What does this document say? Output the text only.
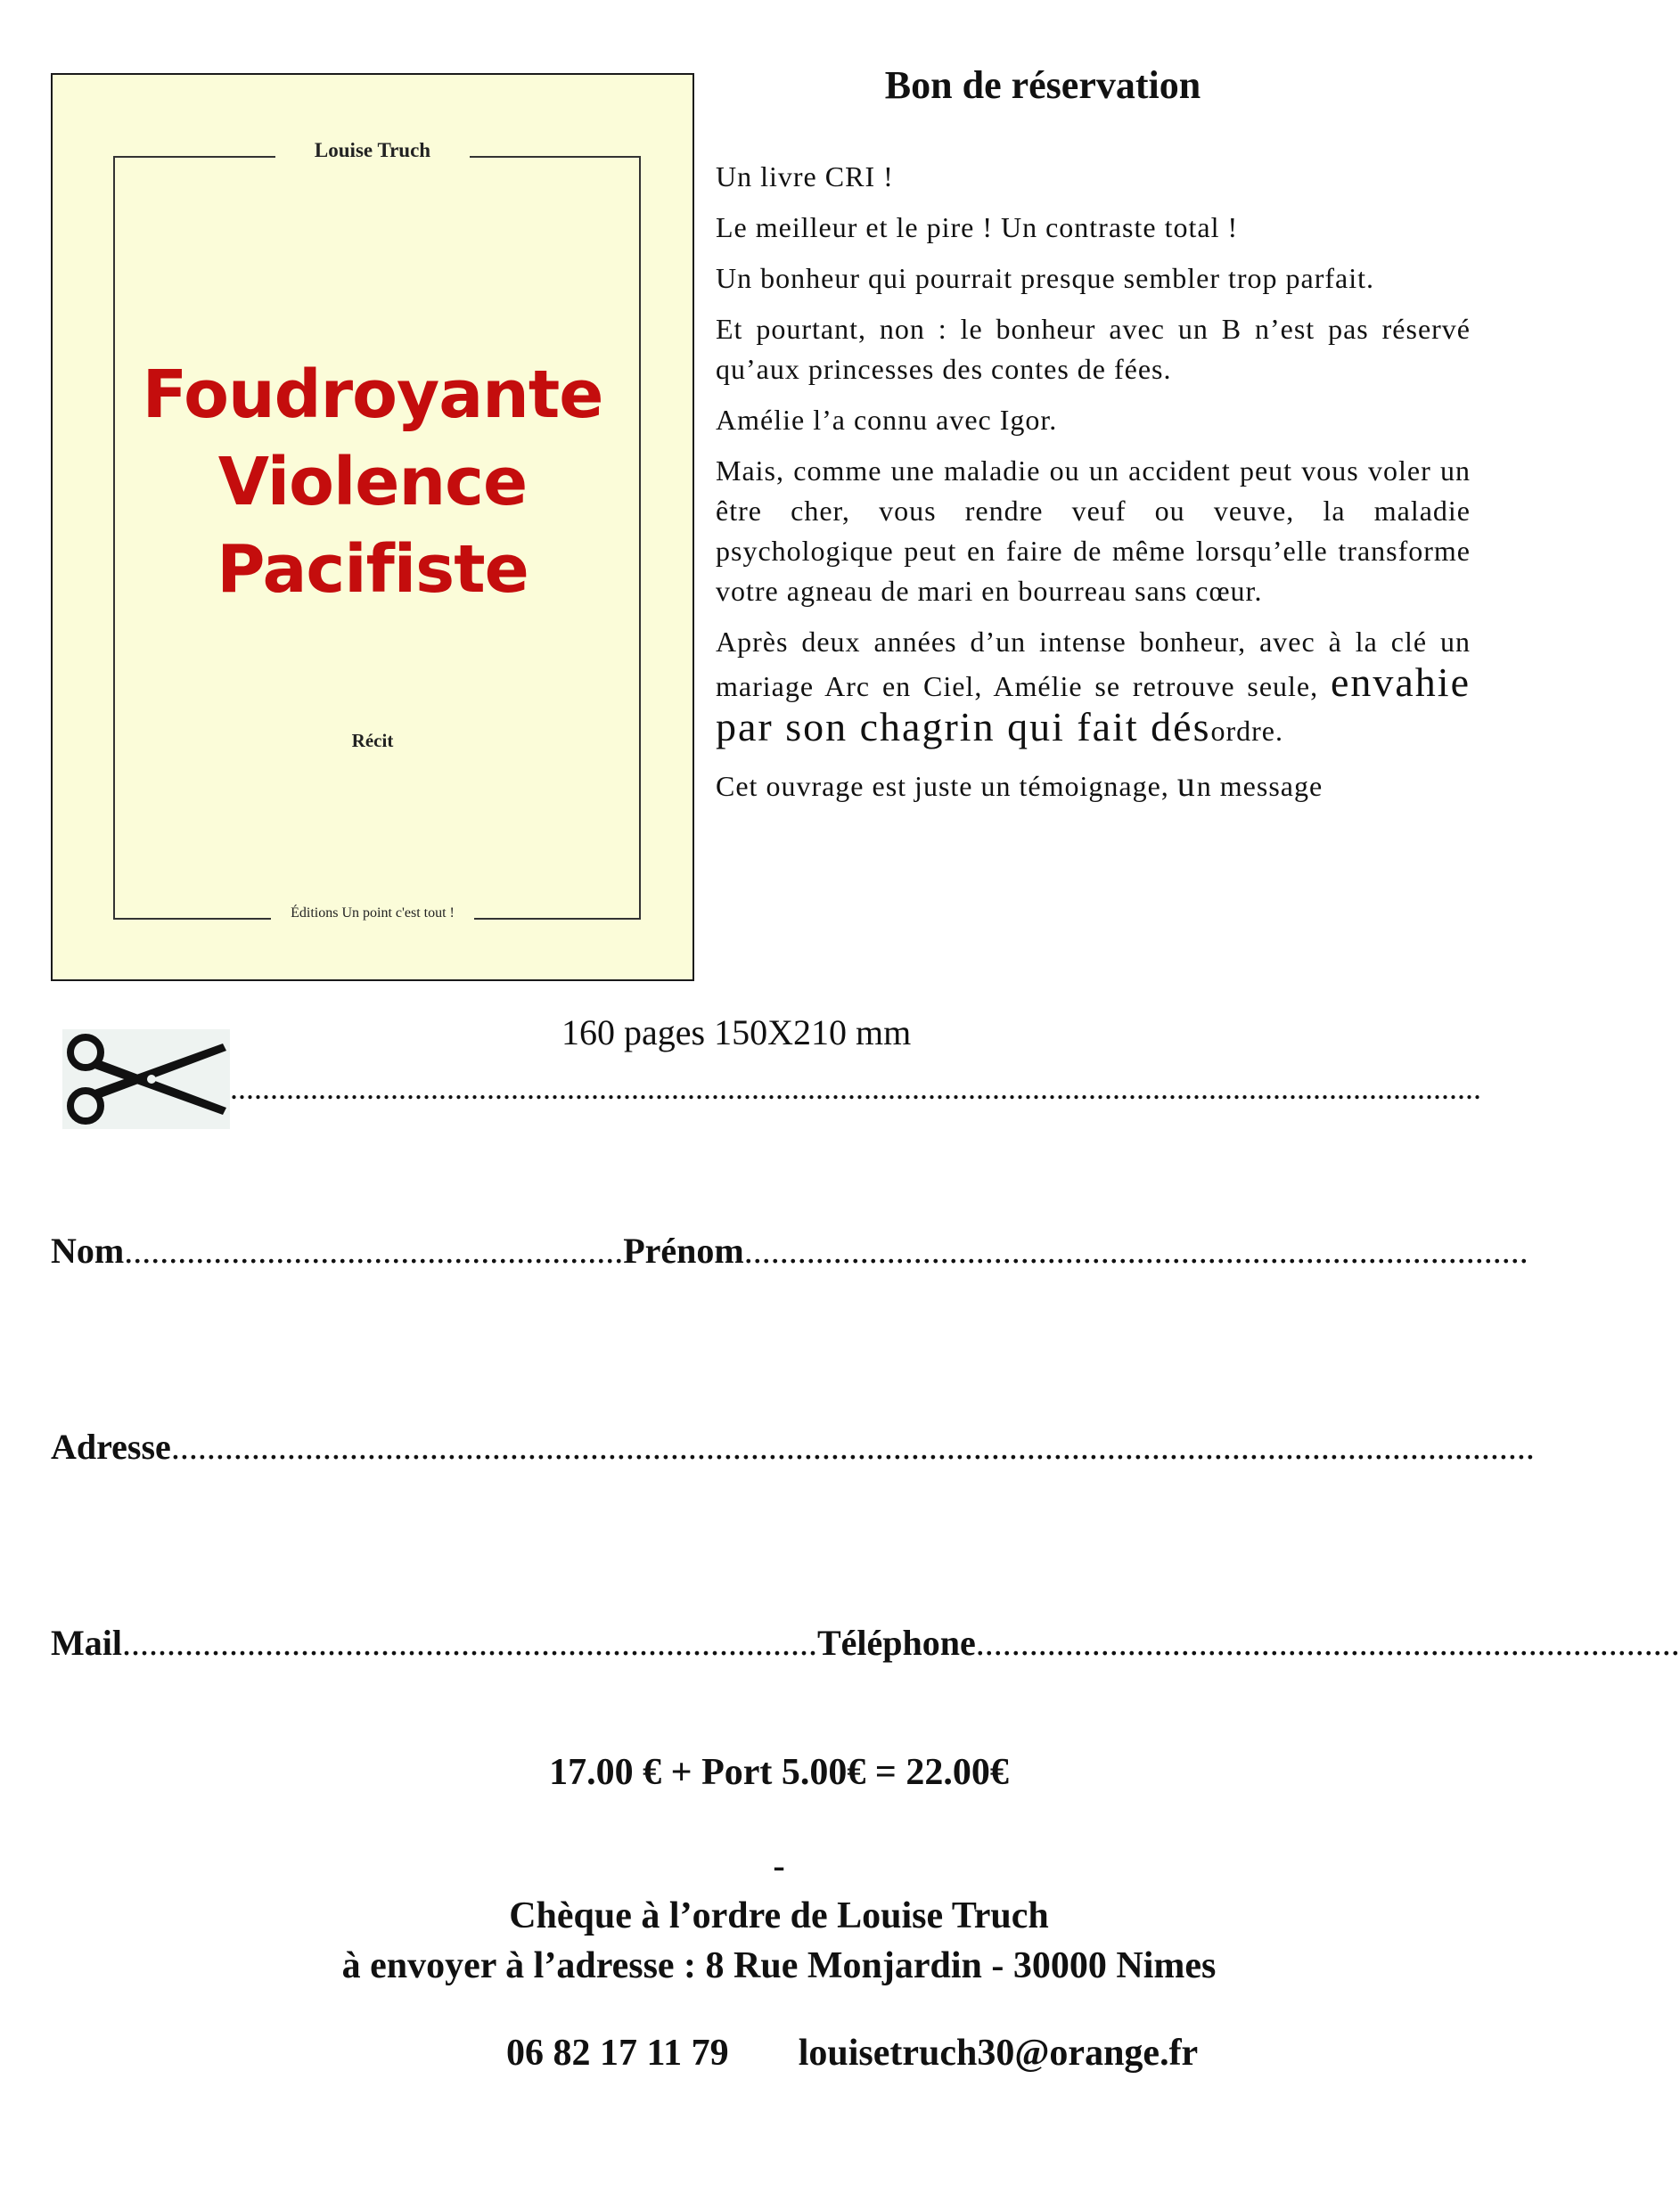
Louise Truch
Foudroyante
Violence
Pacifiste
Récit
Éditions Un point c'est tout !
Bon de réservation

Un livre CRI !

Le meilleur et le pire ! Un contraste total !

Un bonheur qui pourrait presque sembler trop parfait.

Et pourtant, non : le bonheur avec un B n’est pas réservé qu’aux princesses des contes de fées.

Amélie l’a connu avec Igor.

Mais, comme une maladie ou un accident peut vous voler un être cher, vous rendre veuf ou veuve, la maladie psychologique peut en faire de même lorsqu’elle transforme votre agneau de mari en bourreau sans cœur.

Après deux années d’un intense bonheur, avec à la clé un mariage Arc en Ciel, Amélie se retrouve seule, envahie par son chagrin qui fait désordre.

Cet ouvrage est juste un témoignage, un message

160 pages 150X210 mm
............................................................................................................................................................
Nom........................................................Prénom........................................................................................
Adresse.........................................................................................................................................................
Mail..............................................................................Téléphone...............................................................................
17.00 € + Port 5.00€ = 22.00€
-
Chèque à l’ordre de Louise Truch
à envoyer à l’adresse : 8 Rue Monjardin - 30000 Nimes
06 82 17 11 79 louisetruch30@orange.fr
